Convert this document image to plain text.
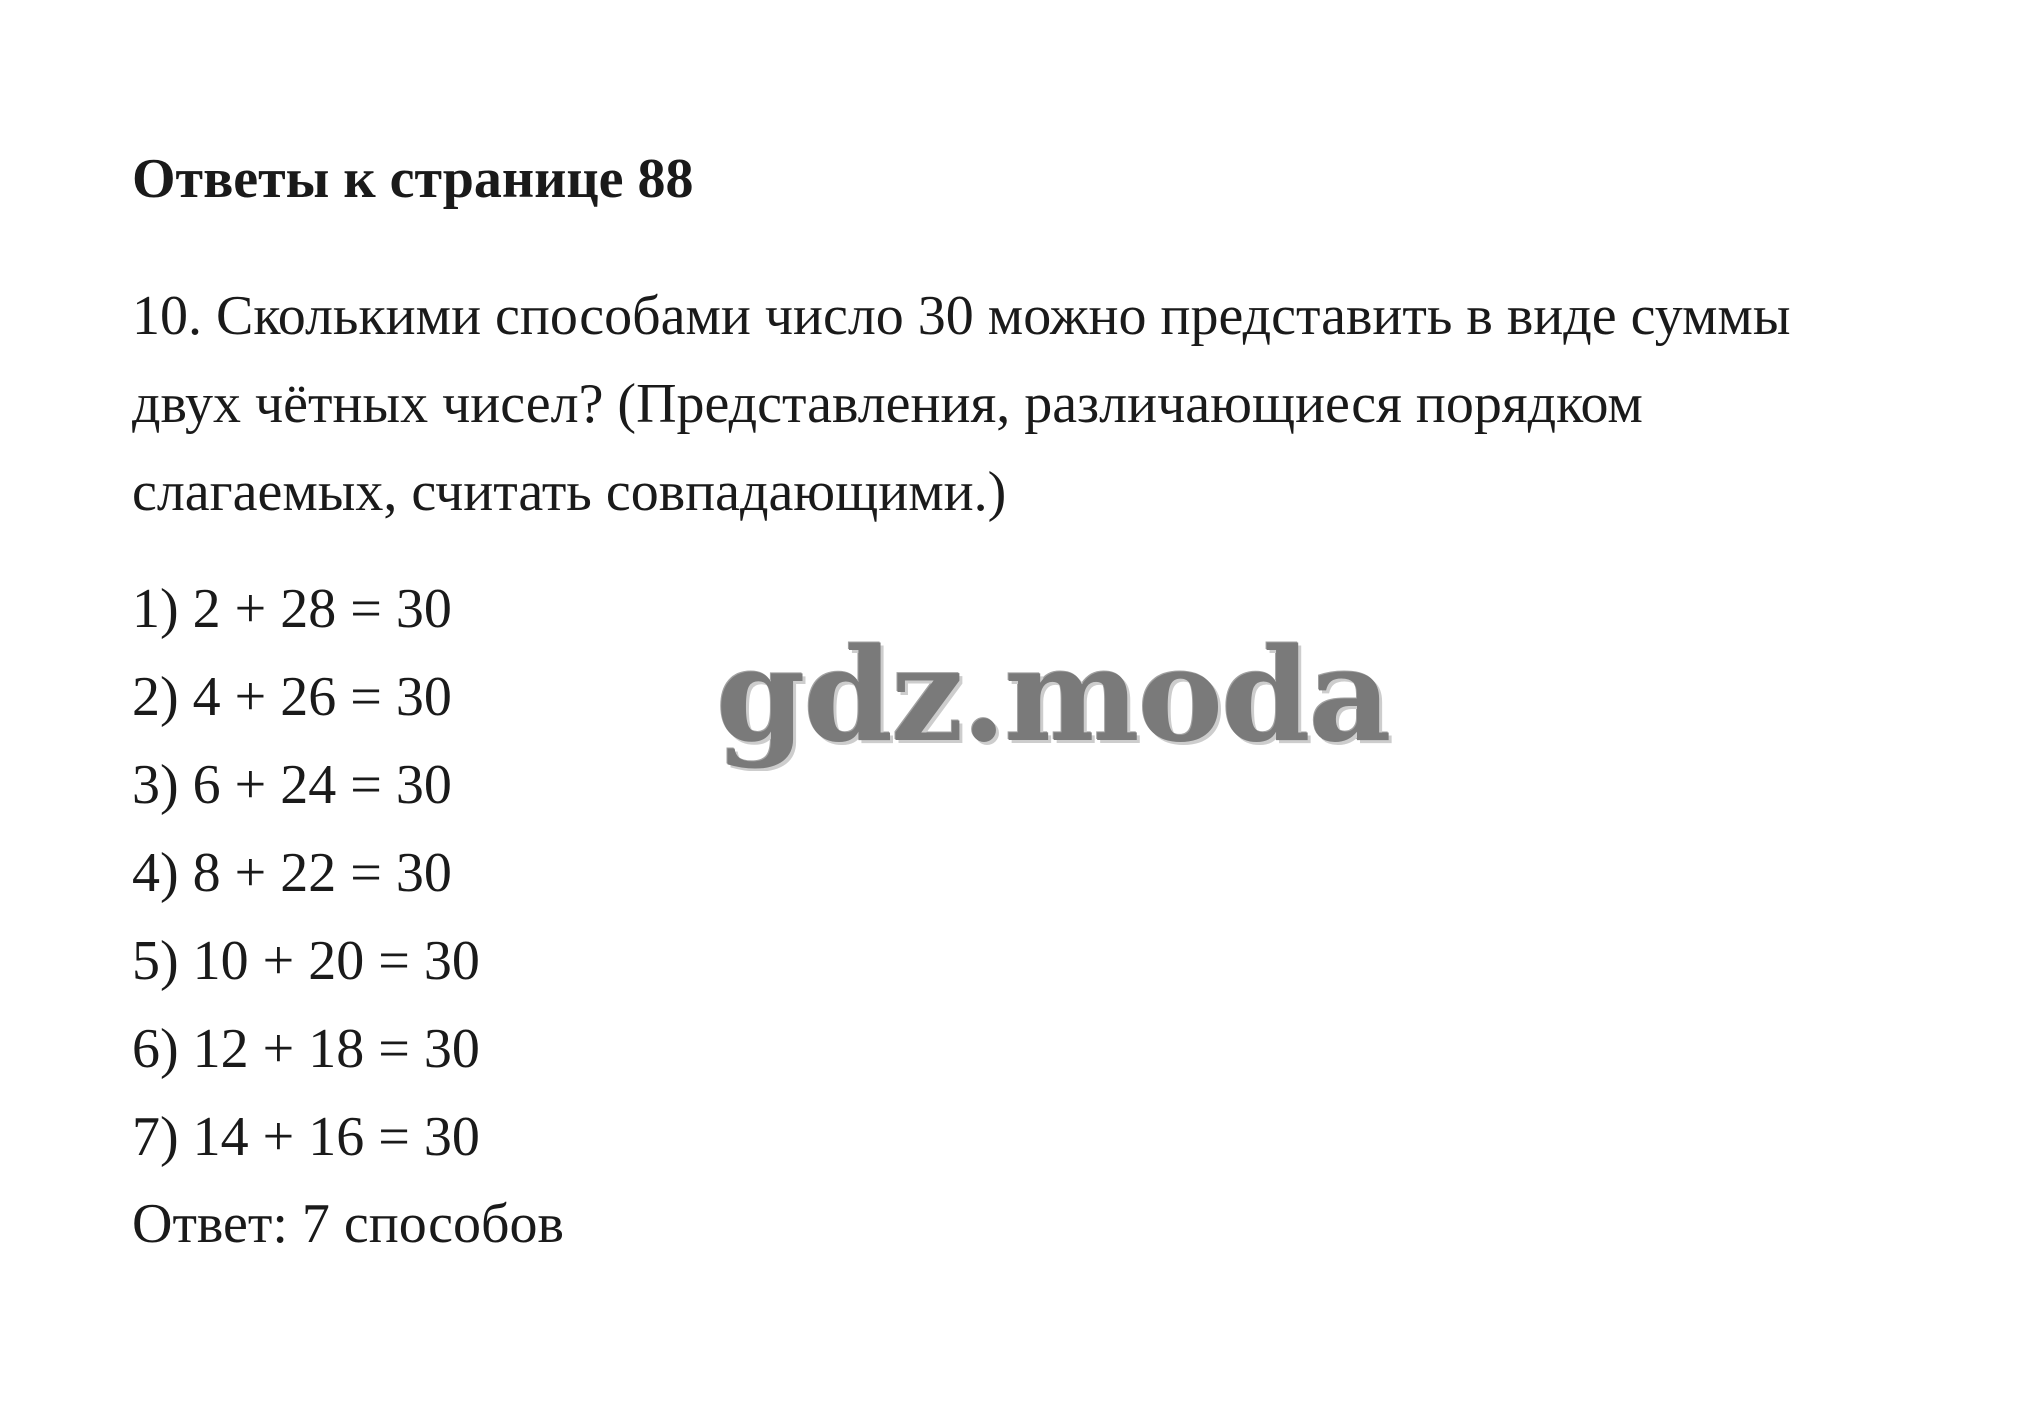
Ответы к странице 88
10. Сколькими способами число 30 можно представить в виде суммы
двух чётных чисел? (Представления, различающиеся порядком
слагаемых, считать совпадающими.)
1) 2 + 28 = 30
2) 4 + 26 = 30
3) 6 + 24 = 30
4) 8 + 22 = 30
5) 10 + 20 = 30
6) 12 + 18 = 30
7) 14 + 16 = 30
Ответ: 7 способов
gdz.moda
